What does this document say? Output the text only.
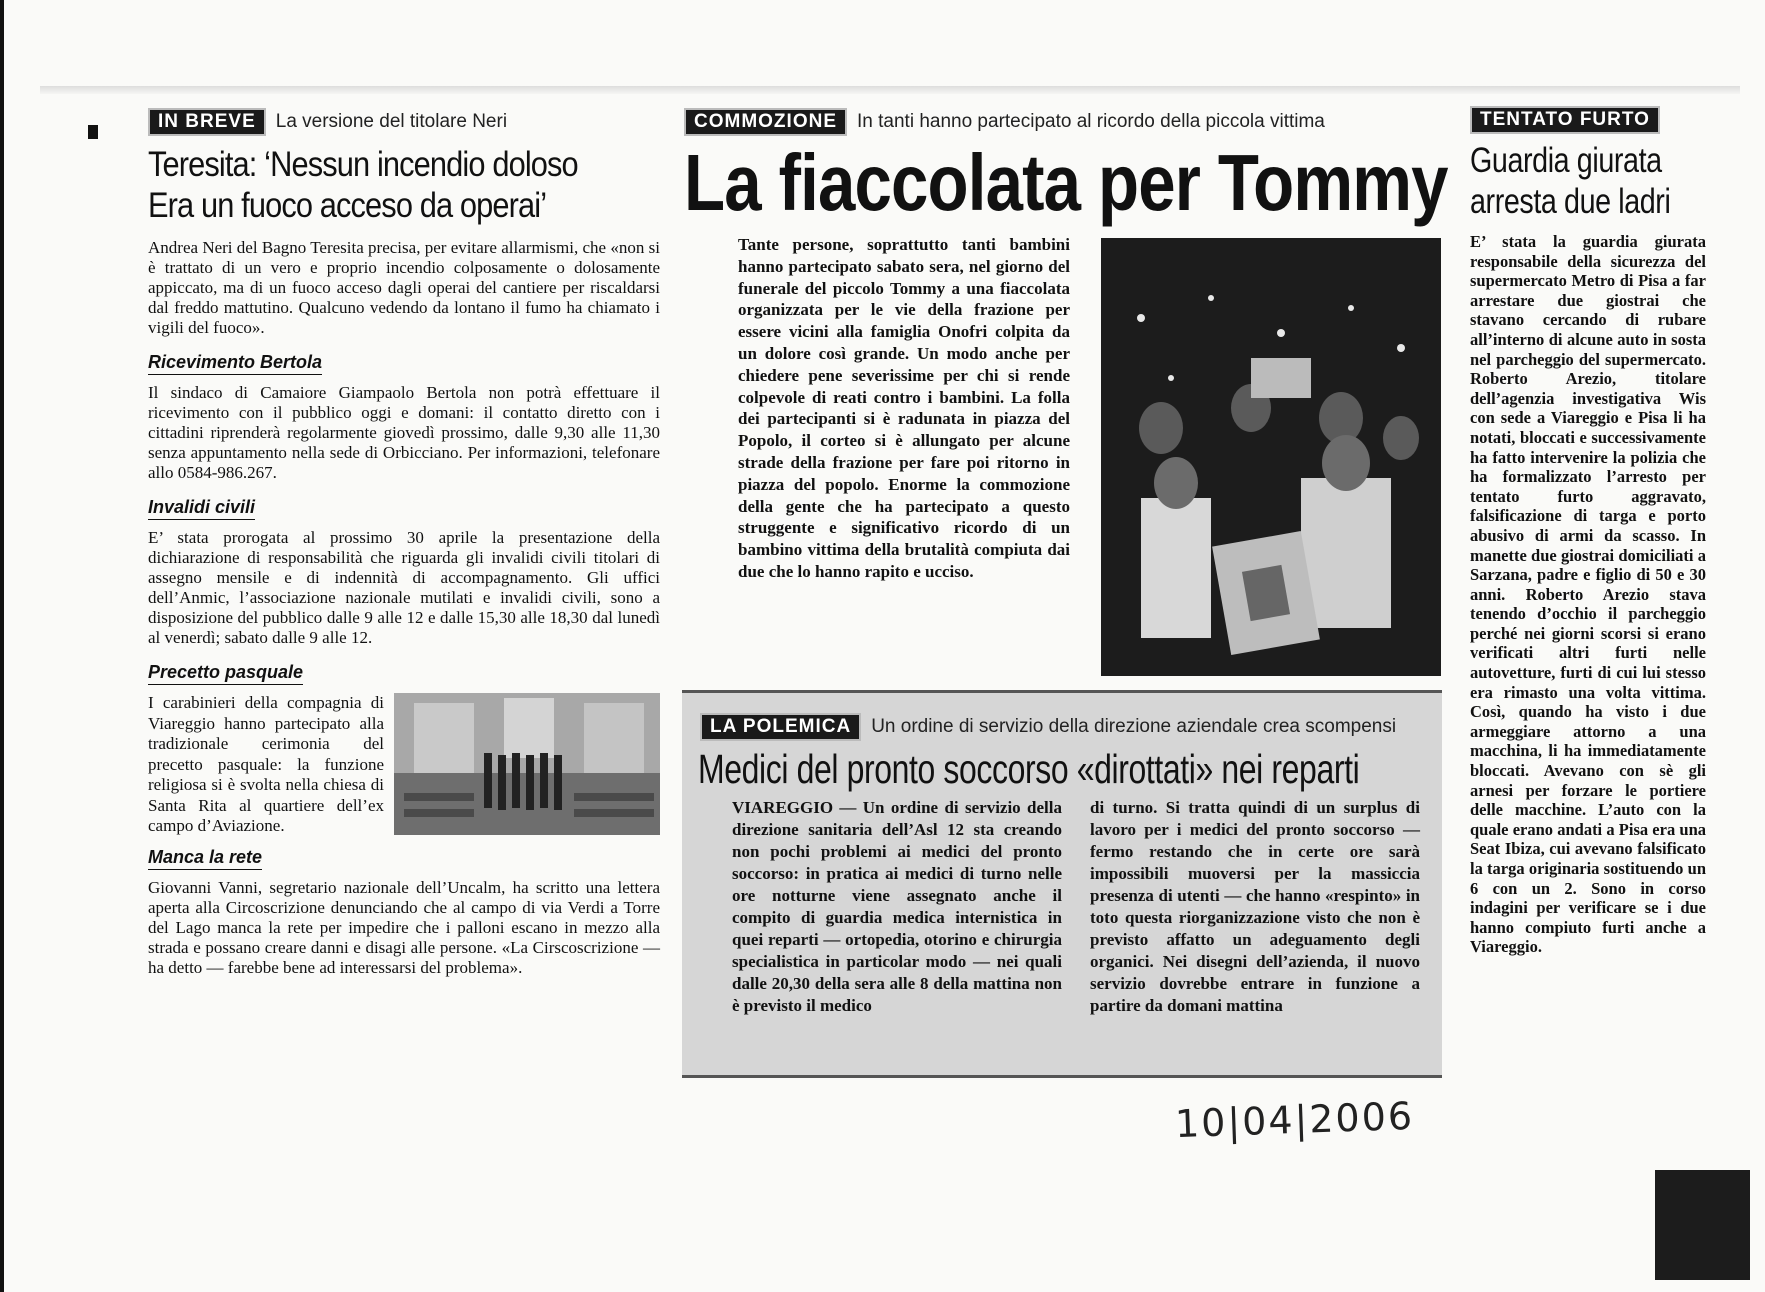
IN BREVE	La versione del titolare Neri
Teresita: ‘Nessun incendio doloso
Era un fuoco acceso da operai’
Andrea Neri del Bagno Teresita precisa, per evitare allarmismi, che «non si è trattato di un vero e proprio incendio colposamente o dolosamente appiccato, ma di un fuoco acceso dagli operai del cantiere per riscaldarsi dal freddo mattutino. Qualcuno vedendo da lontano il fumo ha chiamato i vigili del fuoco».
Ricevimento Bertola
Il sindaco di Camaiore Giampaolo Bertola non potrà effettuare il ricevimento con il pubblico oggi e domani: il contatto diretto con i cittadini riprenderà regolarmente giovedì prossimo, dalle 9,30 alle 11,30 senza appuntamento nella sede di Orbicciano. Per informazioni, telefonare allo 0584-986.267.
Invalidi civili
E’ stata prorogata al prossimo 30 aprile la presentazione della dichiarazione di responsabilità che riguarda gli invalidi civili titolari di assegno mensile e di indennità di accompagnamento. Gli uffici dell’Anmic, l’associazione nazionale mutilati e invalidi civili, sono a disposizione del pubblico dalle 9 alle 12 e dalle 15,30 alle 18,30 dal lunedì al venerdì; sabato dalle 9 alle 12.
Precetto pasquale
I carabinieri della compagnia di Viareggio hanno partecipato alla tradizionale cerimonia del precetto pasquale: la funzione religiosa si è svolta nella chiesa di Santa Rita al quartiere dell’ex campo d’Aviazione.
Manca la rete
Giovanni Vanni, segretario nazionale dell’Uncalm, ha scritto una lettera aperta alla Circoscrizione denunciando che al campo di via Verdi a Torre del Lago manca la rete per impedire che i palloni escano in mezzo alla strada e possano creare danni e disagi alle persone. «La Cirscoscrizione — ha detto — farebbe bene ad interessarsi del problema».
COMMOZIONE	In tanti hanno partecipato al ricordo della piccola vittima
La fiaccolata per Tommy
Tante persone, soprattutto tanti bambini hanno partecipato sabato sera, nel giorno del funerale del piccolo Tommy a una fiaccolata organizzata per le vie della frazione per essere vicini alla famiglia Onofri colpita da un dolore così grande. Un modo anche per chiedere pene severissime per chi si rende colpevole di reati contro i bambini. La folla dei partecipanti si è radunata in piazza del Popolo, il corteo si è allungato per alcune strade della frazione per fare poi ritorno in piazza del popolo. Enorme la commozione della gente che ha partecipato a questo struggente e significativo ricordo di un bambino vittima della brutalità compiuta dai due che lo hanno rapito e ucciso.
LA POLEMICA	Un ordine di servizio della direzione aziendale crea scompensi
Medici del pronto soccorso «dirottati» nei reparti
VIAREGGIO — Un ordine di servizio della direzione sanitaria dell’Asl 12 sta creando non pochi problemi ai medici del pronto soccorso: in pratica ai medici di turno nelle ore notturne viene assegnato anche il compito di guardia medica internistica in quei reparti — ortopedia, otorino e chirurgia specialistica in particolar modo — nei quali dalle 20,30 della sera alle 8 della mattina non è previsto il medico
di turno. Si tratta quindi di un surplus di lavoro per i medici del pronto soccorso — fermo restando che in certe ore sarà impossibili muoversi per la massiccia presenza di utenti — che hanno «respinto» in toto questa riorganizzazione visto che non è previsto affatto un adeguamento degli organici. Nei disegni dell’azienda, il nuovo servizio dovrebbe entrare in funzione a partire da domani mattina
TENTATO FURTO
Guardia giurata
arresta due ladri
E’ stata la guardia giurata responsabile della sicurezza del supermercato Metro di Pisa a far arrestare due giostrai che stavano cercando di rubare all’interno di alcune auto in sosta nel parcheggio del supermercato. Roberto Arezio, titolare dell’agenzia investigativa Wis con sede a Viareggio e Pisa li ha notati, bloccati e successivamente ha fatto intervenire la polizia che ha formalizzato l’arresto per tentato furto aggravato, falsificazione di targa e porto abusivo di armi da scasso. In manette due giostrai domiciliati a Sarzana, padre e figlio di 50 e 30 anni. Roberto Arezio stava tenendo d’occhio il parcheggio perché nei giorni scorsi si erano verificati altri furti nelle autovetture, furti di cui lui stesso era rimasto una volta vittima. Così, quando ha visto i due armeggiare attorno a una macchina, li ha immediatamente bloccati. Avevano con sè gli arnesi per forzare le portiere delle macchine. L’auto con la quale erano andati a Pisa era una Seat Ibiza, cui avevano falsificato la targa originaria sostituendo un 6 con un 2. Sono in corso indagini per verificare se i due hanno compiuto furti anche a Viareggio.
10|04|2006
